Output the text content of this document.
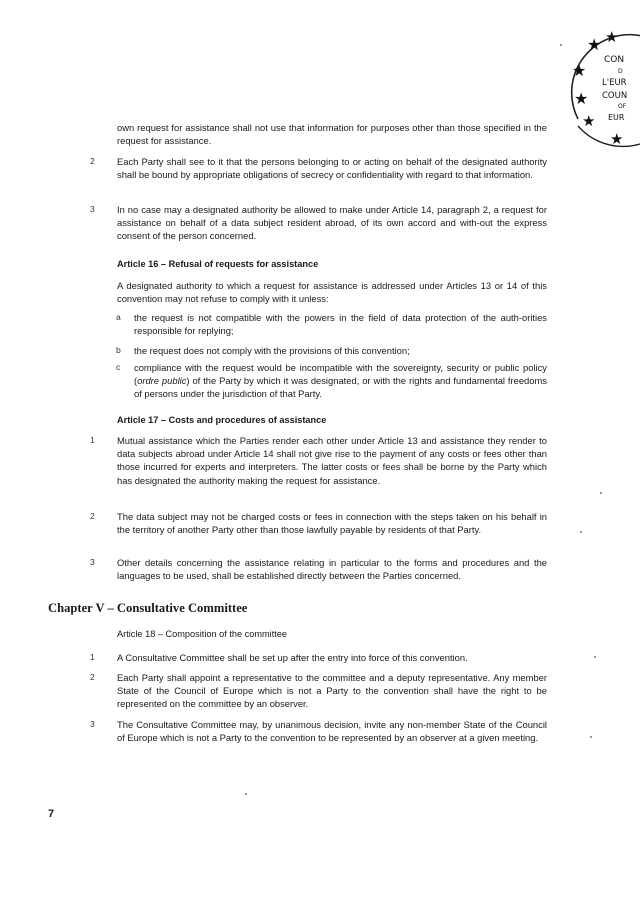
★ ★
★
★
★
★
CON
D
L'EUR
COUN
OF
EUR
own request for assistance shall not use that information for purposes other than those specified in the request for assistance.
2 Each Party shall see to it that the persons belonging to or acting on behalf of the designated authority shall be bound by appropriate obligations of secrecy or confidentiality with regard to that information.
3 In no case may a designated authority be allowed to make under Article 14, paragraph 2, a request for assistance on behalf of a data subject resident abroad, of its own accord and with-out the express consent of the person concerned.
Article 16 – Refusal of requests for assistance
A designated authority to which a request for assistance is addressed under Articles 13 or 14 of this convention may not refuse to comply with it unless:
a the request is not compatible with the powers in the field of data protection of the auth-orities responsible for replying;
b the request does not comply with the provisions of this convention;
c compliance with the request would be incompatible with the sovereignty, security or public policy (ordre public) of the Party by which it was designated, or with the rights and fundamental freedoms of persons under the jurisdiction of that Party.
Article 17 – Costs and procedures of assistance
1 Mutual assistance which the Parties render each other under Article 13 and assistance they render to data subjects abroad under Article 14 shall not give rise to the payment of any costs or fees other than those incurred for experts and interpreters. The latter costs or fees shall be borne by the Party which has designated the authority making the request for assistance.
2 The data subject may not be charged costs or fees in connection with the steps taken on his behalf in the territory of another Party other than those lawfully payable by residents of that Party.
3 Other details concerning the assistance relating in particular to the forms and procedures and the languages to be used, shall be established directly between the Parties concerned.
Chapter V – Consultative Committee
Article 18 – Composition of the committee
1 A Consultative Committee shall be set up after the entry into force of this convention.
2 Each Party shall appoint a representative to the committee and a deputy representative. Any member State of the Council of Europe which is not a Party to the convention shall have the right to be represented on the committee by an observer.
3 The Consultative Committee may, by unanimous decision, invite any non-member State of the Council of Europe which is not a Party to the convention to be represented by an observer at a given meeting.
7
